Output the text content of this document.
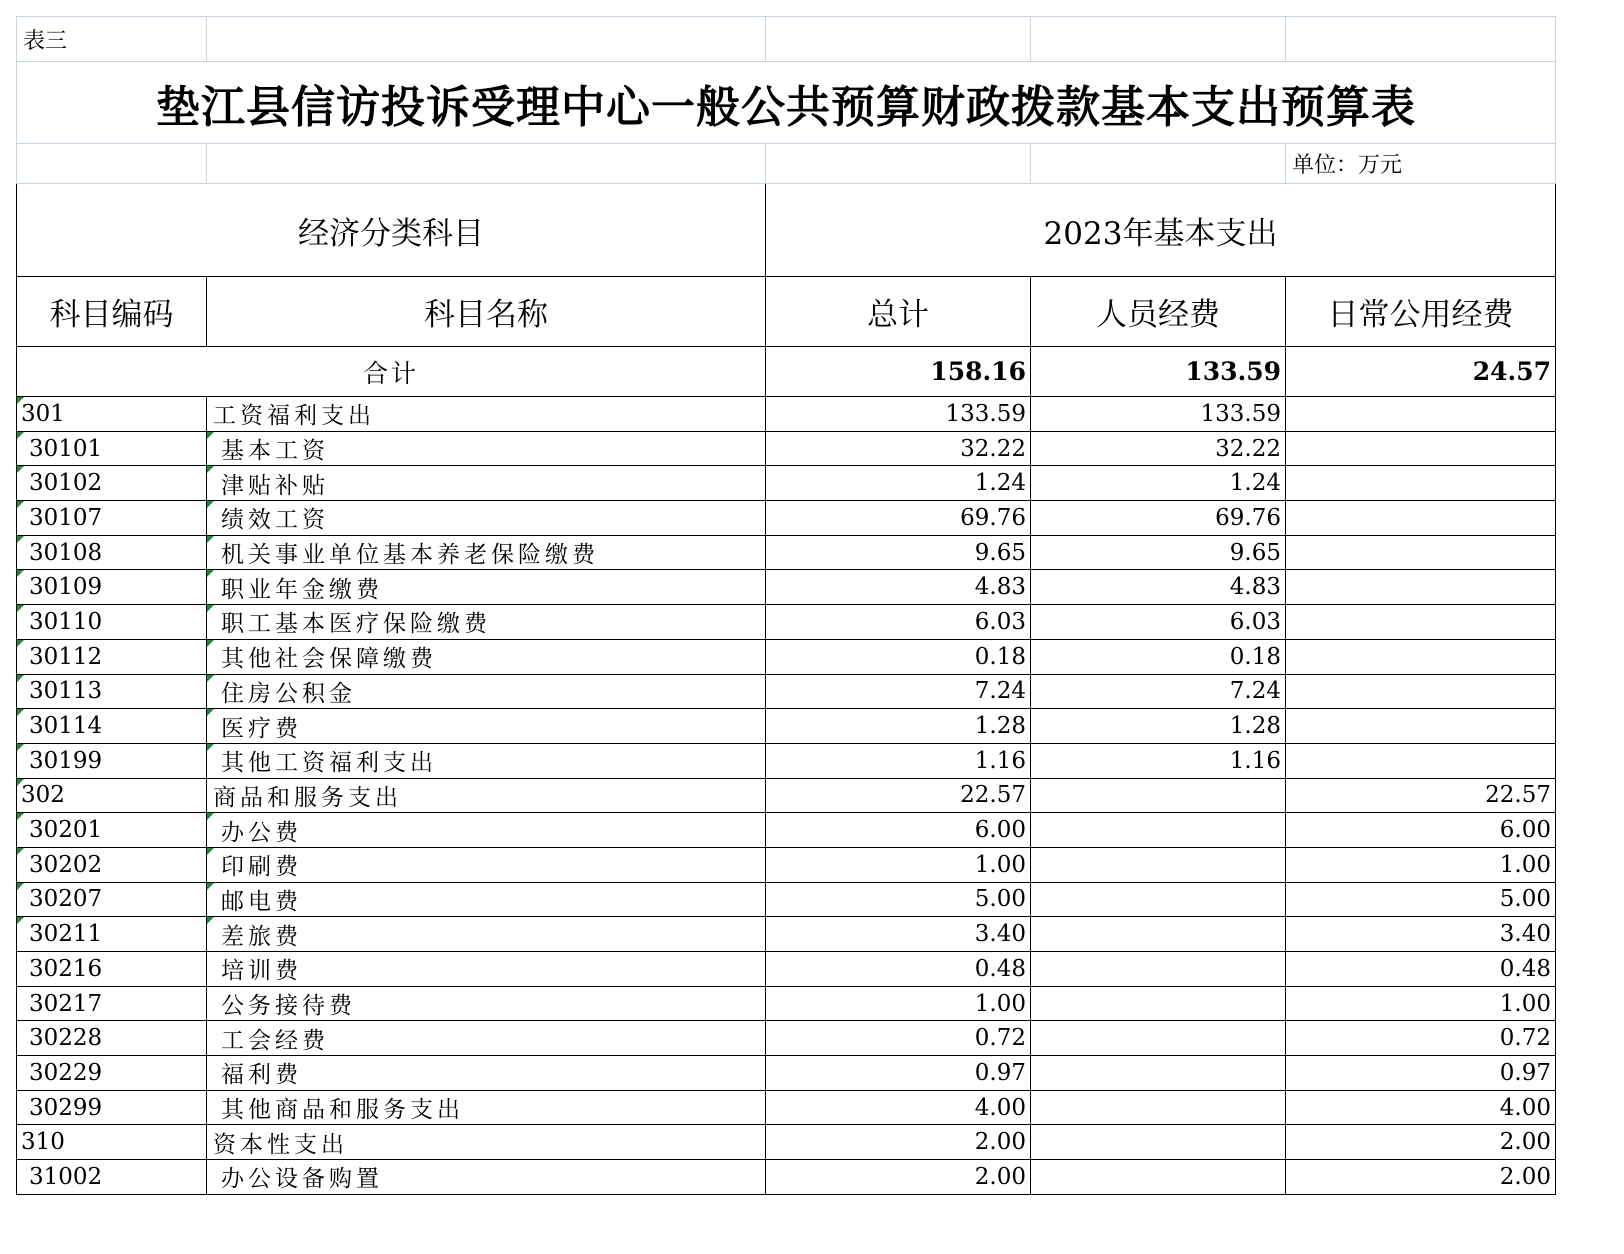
表三				
垫江县信访投诉受理中心一般公共预算财政拨款基本支出预算表				
				单位：万元
经济分类科目		2023年基本支出		
科目编码	科目名称	总计	人员经费	日常公用经费
合计		158.16	133.59	24.57
301	工资福利支出	133.59	133.59	
30101	基本工资	32.22	32.22	
30102	津贴补贴	1.24	1.24	
30107	绩效工资	69.76	69.76	
30108	机关事业单位基本养老保险缴费	9.65	9.65	
30109	职业年金缴费	4.83	4.83	
30110	职工基本医疗保险缴费	6.03	6.03	
30112	其他社会保障缴费	0.18	0.18	
30113	住房公积金	7.24	7.24	
30114	医疗费	1.28	1.28	
30199	其他工资福利支出	1.16	1.16	
302	商品和服务支出	22.57		22.57
30201	办公费	6.00		6.00
30202	印刷费	1.00		1.00
30207	邮电费	5.00		5.00
30211	差旅费	3.40		3.40
30216	培训费	0.48		0.48
30217	公务接待费	1.00		1.00
30228	工会经费	0.72		0.72
30229	福利费	0.97		0.97
30299	其他商品和服务支出	4.00		4.00
310	资本性支出	2.00		2.00
31002	办公设备购置	2.00		2.00
